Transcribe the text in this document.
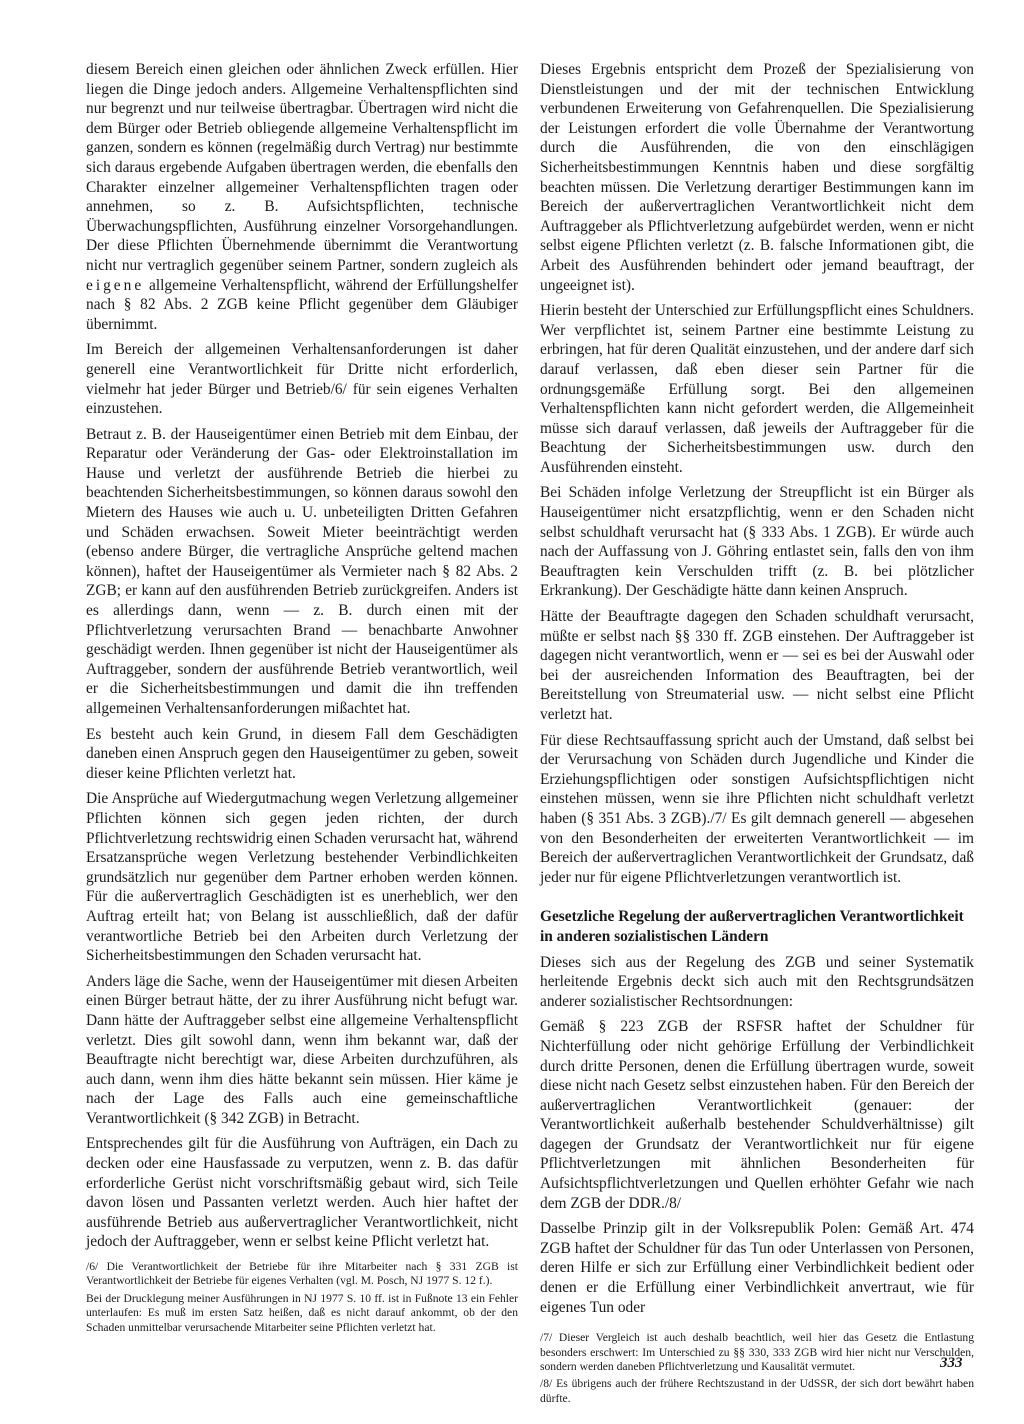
diesem Bereich einen gleichen oder ähnlichen Zweck erfüllen. Hier liegen die Dinge jedoch anders. Allgemeine Verhaltenspflichten sind nur begrenzt und nur teilweise übertragbar. Übertragen wird nicht die dem Bürger oder Betrieb obliegende allgemeine Verhaltenspflicht im ganzen, sondern es können (regelmäßig durch Vertrag) nur bestimmte sich daraus ergebende Aufgaben übertragen werden, die ebenfalls den Charakter einzelner allgemeiner Verhaltenspflichten tragen oder annehmen, so z. B. Aufsichtspflichten, technische Überwachungspflichten, Ausführung einzelner Vorsorgehandlungen. Der diese Pflichten Übernehmende übernimmt die Verantwortung nicht nur vertraglich gegenüber seinem Partner, sondern zugleich als eigene allgemeine Verhaltenspflicht, während der Erfüllungshelfer nach § 82 Abs. 2 ZGB keine Pflicht gegenüber dem Gläubiger übernimmt.

Im Bereich der allgemeinen Verhaltensanforderungen ist daher generell eine Verantwortlichkeit für Dritte nicht erforderlich, vielmehr hat jeder Bürger und Betrieb/6/ für sein eigenes Verhalten einzustehen.

Betraut z. B. der Hauseigentümer einen Betrieb mit dem Einbau, der Reparatur oder Veränderung der Gas- oder Elektroinstallation im Hause und verletzt der ausführende Betrieb die hierbei zu beachtenden Sicherheitsbestimmungen, so können daraus sowohl den Mietern des Hauses wie auch u. U. unbeteiligten Dritten Gefahren und Schäden erwachsen. Soweit Mieter beeinträchtigt werden (ebenso andere Bürger, die vertragliche Ansprüche geltend machen können), haftet der Hauseigentümer als Vermieter nach § 82 Abs. 2 ZGB; er kann auf den ausführenden Betrieb zurückgreifen. Anders ist es allerdings dann, wenn — z. B. durch einen mit der Pflichtverletzung verursachten Brand — benachbarte Anwohner geschädigt werden. Ihnen gegenüber ist nicht der Hauseigentümer als Auftraggeber, sondern der ausführende Betrieb verantwortlich, weil er die Sicherheitsbestimmungen und damit die ihn treffenden allgemeinen Verhaltensanforderungen mißachtet hat.

Es besteht auch kein Grund, in diesem Fall dem Geschädigten daneben einen Anspruch gegen den Hauseigentümer zu geben, soweit dieser keine Pflichten verletzt hat.

Die Ansprüche auf Wiedergutmachung wegen Verletzung allgemeiner Pflichten können sich gegen jeden richten, der durch Pflichtverletzung rechtswidrig einen Schaden verursacht hat, während Ersatzansprüche wegen Verletzung bestehender Verbindlichkeiten grundsätzlich nur gegenüber dem Partner erhoben werden können. Für die außervertraglich Geschädigten ist es unerheblich, wer den Auftrag erteilt hat; von Belang ist ausschließlich, daß der dafür verantwortliche Betrieb bei den Arbeiten durch Verletzung der Sicherheitsbestimmungen den Schaden verursacht hat.

Anders läge die Sache, wenn der Hauseigentümer mit diesen Arbeiten einen Bürger betraut hätte, der zu ihrer Ausführung nicht befugt war. Dann hätte der Auftraggeber selbst eine allgemeine Verhaltenspflicht verletzt. Dies gilt sowohl dann, wenn ihm bekannt war, daß der Beauftragte nicht berechtigt war, diese Arbeiten durchzuführen, als auch dann, wenn ihm dies hätte bekannt sein müssen. Hier käme je nach der Lage des Falls auch eine gemeinschaftliche Verantwortlichkeit (§ 342 ZGB) in Betracht.

Entsprechendes gilt für die Ausführung von Aufträgen, ein Dach zu decken oder eine Hausfassade zu verputzen, wenn z. B. das dafür erforderliche Gerüst nicht vorschriftsmäßig gebaut wird, sich Teile davon lösen und Passanten verletzt werden. Auch hier haftet der ausführende Betrieb aus außervertraglicher Verantwortlichkeit, nicht jedoch der Auftraggeber, wenn er selbst keine Pflicht verletzt hat.

/6/ Die Verantwortlichkeit der Betriebe für ihre Mitarbeiter nach § 331 ZGB ist Verantwortlichkeit der Betriebe für eigenes Verhalten (vgl. M. Posch, NJ 1977 S. 12 f.).

Bei der Drucklegung meiner Ausführungen in NJ 1977 S. 10 ff. ist in Fußnote 13 ein Fehler unterlaufen: Es muß im ersten Satz heißen, daß es nicht darauf ankommt, ob der den Schaden unmittelbar verursachende Mitarbeiter seine Pflichten verletzt hat.

Dieses Ergebnis entspricht dem Prozeß der Spezialisierung von Dienstleistungen und der mit der technischen Entwicklung verbundenen Erweiterung von Gefahrenquellen. Die Spezialisierung der Leistungen erfordert die volle Übernahme der Verantwortung durch die Ausführenden, die von den einschlägigen Sicherheitsbestimmungen Kenntnis haben und diese sorgfältig beachten müssen. Die Verletzung derartiger Bestimmungen kann im Bereich der außervertraglichen Verantwortlichkeit nicht dem Auftraggeber als Pflichtverletzung aufgebürdet werden, wenn er nicht selbst eigene Pflichten verletzt (z. B. falsche Informationen gibt, die Arbeit des Ausführenden behindert oder jemand beauftragt, der ungeeignet ist).

Hierin besteht der Unterschied zur Erfüllungspflicht eines Schuldners. Wer verpflichtet ist, seinem Partner eine bestimmte Leistung zu erbringen, hat für deren Qualität einzustehen, und der andere darf sich darauf verlassen, daß eben dieser sein Partner für die ordnungsgemäße Erfüllung sorgt. Bei den allgemeinen Verhaltenspflichten kann nicht gefordert werden, die Allgemeinheit müsse sich darauf verlassen, daß jeweils der Auftraggeber für die Beachtung der Sicherheitsbestimmungen usw. durch den Ausführenden einsteht.

Bei Schäden infolge Verletzung der Streupflicht ist ein Bürger als Hauseigentümer nicht ersatzpflichtig, wenn er den Schaden nicht selbst schuldhaft verursacht hat (§ 333 Abs. 1 ZGB). Er würde auch nach der Auffassung von J. Göhring entlastet sein, falls den von ihm Beauftragten kein Verschulden trifft (z. B. bei plötzlicher Erkrankung). Der Geschädigte hätte dann keinen Anspruch.

Hätte der Beauftragte dagegen den Schaden schuldhaft verursacht, müßte er selbst nach §§ 330 ff. ZGB einstehen. Der Auftraggeber ist dagegen nicht verantwortlich, wenn er — sei es bei der Auswahl oder bei der ausreichenden Information des Beauftragten, bei der Bereitstellung von Streumaterial usw. — nicht selbst eine Pflicht verletzt hat.

Für diese Rechtsauffassung spricht auch der Umstand, daß selbst bei der Verursachung von Schäden durch Jugendliche und Kinder die Erziehungspflichtigen oder sonstigen Aufsichtspflichtigen nicht einstehen müssen, wenn sie ihre Pflichten nicht schuldhaft verletzt haben (§ 351 Abs. 3 ZGB)./7/ Es gilt demnach generell — abgesehen von den Besonderheiten der erweiterten Verantwortlichkeit — im Bereich der außervertraglichen Verantwortlichkeit der Grundsatz, daß jeder nur für eigene Pflichtverletzungen verantwortlich ist.

Gesetzliche Regelung der außervertraglichen Verantwortlichkeit in anderen sozialistischen Ländern

Dieses sich aus der Regelung des ZGB und seiner Systematik herleitende Ergebnis deckt sich auch mit den Rechtsgrundsätzen anderer sozialistischer Rechtsordnungen:

Gemäß § 223 ZGB der RSFSR haftet der Schuldner für Nichterfüllung oder nicht gehörige Erfüllung der Verbindlichkeit durch dritte Personen, denen die Erfüllung übertragen wurde, soweit diese nicht nach Gesetz selbst einzustehen haben. Für den Bereich der außervertraglichen Verantwortlichkeit (genauer: der Verantwortlichkeit außerhalb bestehender Schuldverhältnisse) gilt dagegen der Grundsatz der Verantwortlichkeit nur für eigene Pflichtverletzungen mit ähnlichen Besonderheiten für Aufsichtspflichtverletzungen und Quellen erhöhter Gefahr wie nach dem ZGB der DDR./8/

Dasselbe Prinzip gilt in der Volksrepublik Polen: Gemäß Art. 474 ZGB haftet der Schuldner für das Tun oder Unterlassen von Personen, deren Hilfe er sich zur Erfüllung einer Verbindlichkeit bedient oder denen er die Erfüllung einer Verbindlichkeit anvertraut, wie für eigenes Tun oder

/7/ Dieser Vergleich ist auch deshalb beachtlich, weil hier das Gesetz die Entlastung besonders erschwert: Im Unterschied zu §§ 330, 333 ZGB wird hier nicht nur Verschulden, sondern werden daneben Pflichtverletzung und Kausalität vermutet.

/8/ Es übrigens auch der frühere Rechtszustand in der UdSSR, der sich dort bewährt haben dürfte.

333
